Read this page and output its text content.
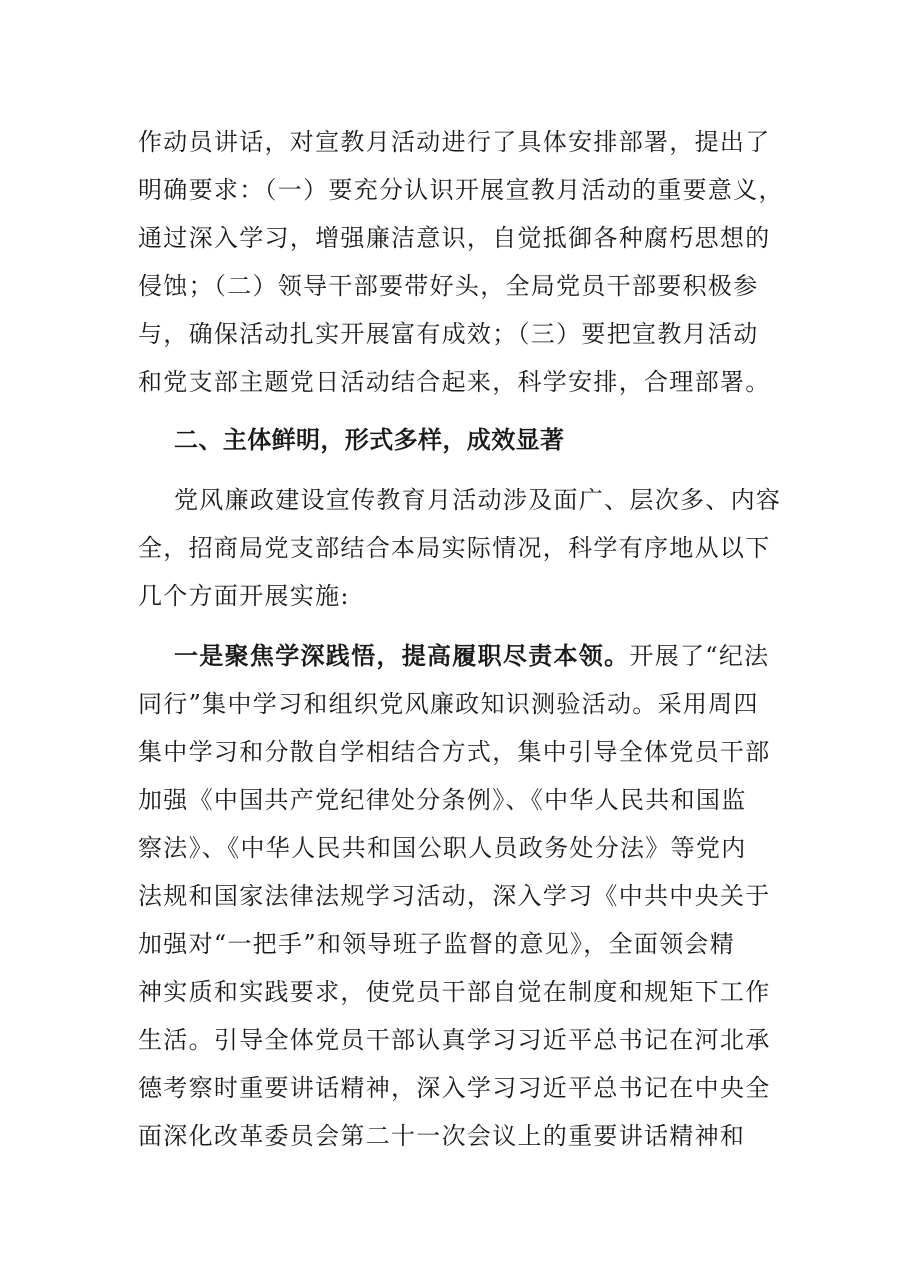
作动员讲话，对宣教月活动进行了具体安排部署，提出了
明确要求：（一）要充分认识开展宣教月活动的重要意义，
通过深入学习，增强廉洁意识，自觉抵御各种腐朽思想的
侵蚀；（二）领导干部要带好头，全局党员干部要积极参
与，确保活动扎实开展富有成效；（三）要把宣教月活动
和党支部主题党日活动结合起来，科学安排，合理部署。
二、主体鲜明，形式多样，成效显著
党风廉政建设宣传教育月活动涉及面广、层次多、内容
全，招商局党支部结合本局实际情况，科学有序地从以下
几个方面开展实施:
一是聚焦学深践悟，提高履职尽责本领。开展了“纪法
同行”集中学习和组织党风廉政知识测验活动。采用周四
集中学习和分散自学相结合方式，集中引导全体党员干部
加强《中国共产党纪律处分条例》、《中华人民共和国监
察法》、《中华人民共和国公职人员政务处分法》等党内
法规和国家法律法规学习活动，深入学习《中共中央关于
加强对“一把手”和领导班子监督的意见》，全面领会精
神实质和实践要求，使党员干部自觉在制度和规矩下工作
生活。引导全体党员干部认真学习习近平总书记在河北承
德考察时重要讲话精神，深入学习习近平总书记在中央全
面深化改革委员会第二十一次会议上的重要讲话精神和
